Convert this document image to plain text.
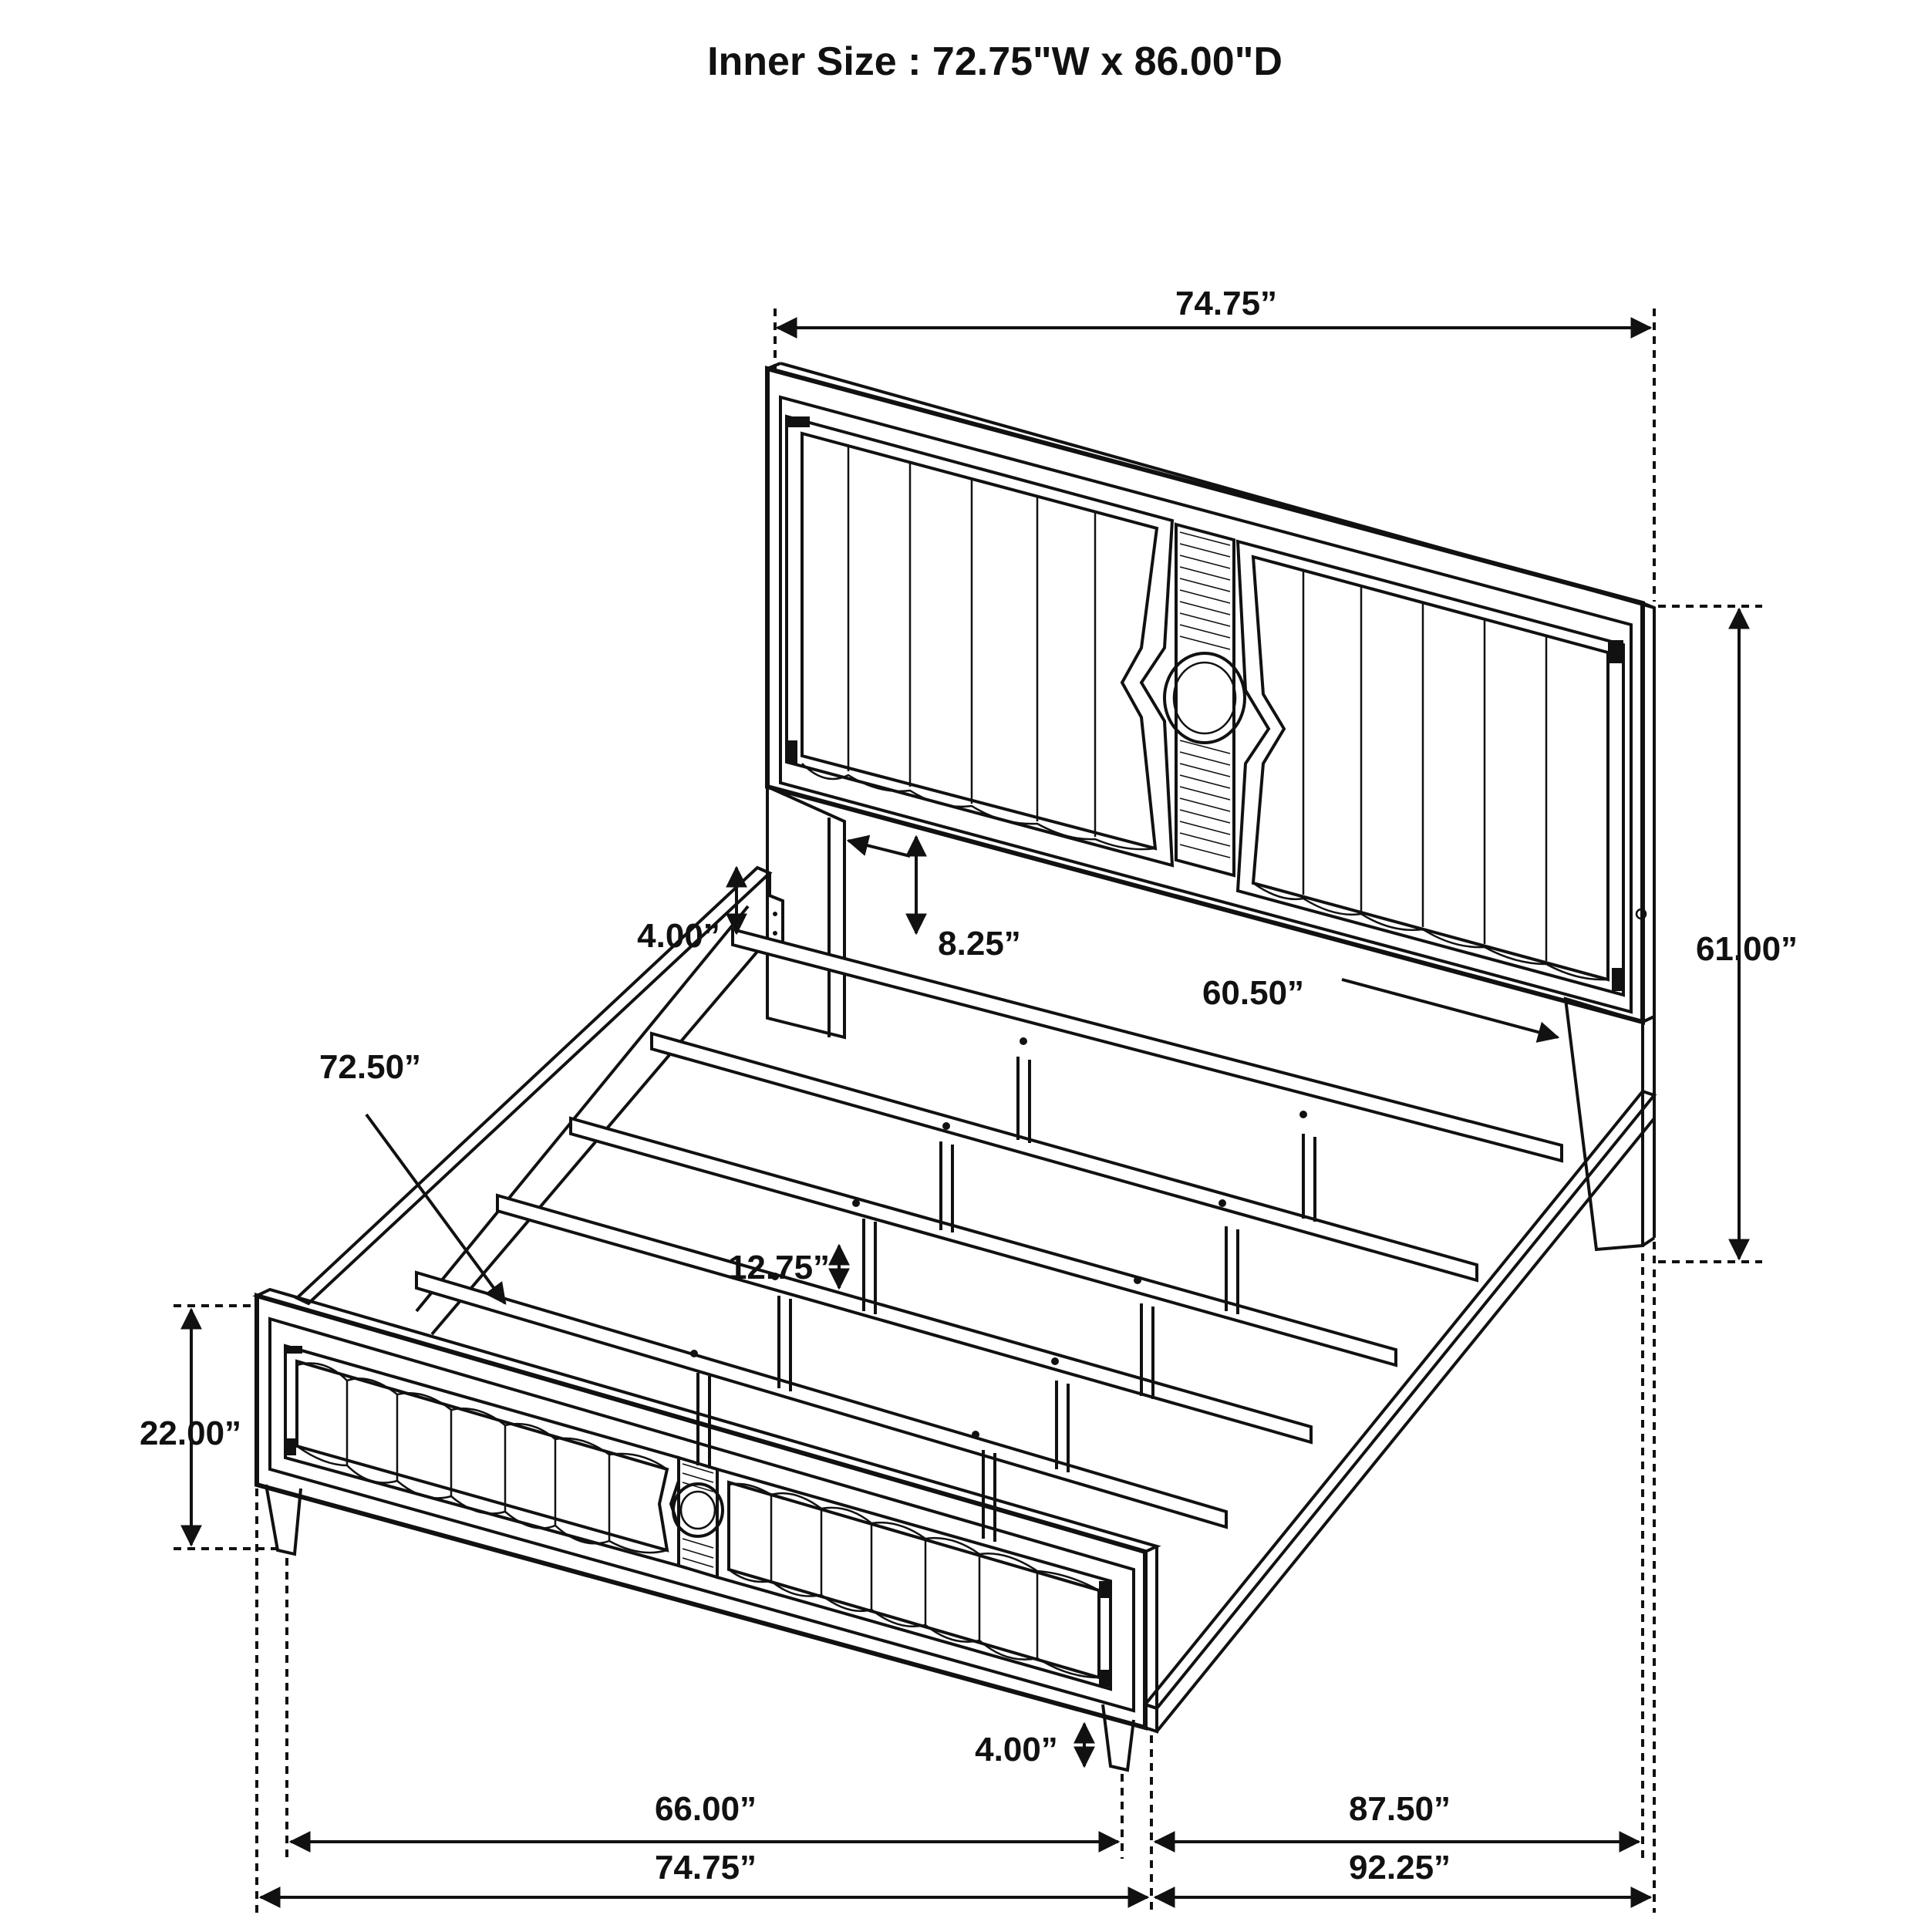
Inner Size : 72.75"W x 86.00"D
74.75”
61.00”
8.25”
60.50”
4.00”
72.50”
12.75”
22.00”
4.00”
66.00”	87.50”
74.75”	92.25”
